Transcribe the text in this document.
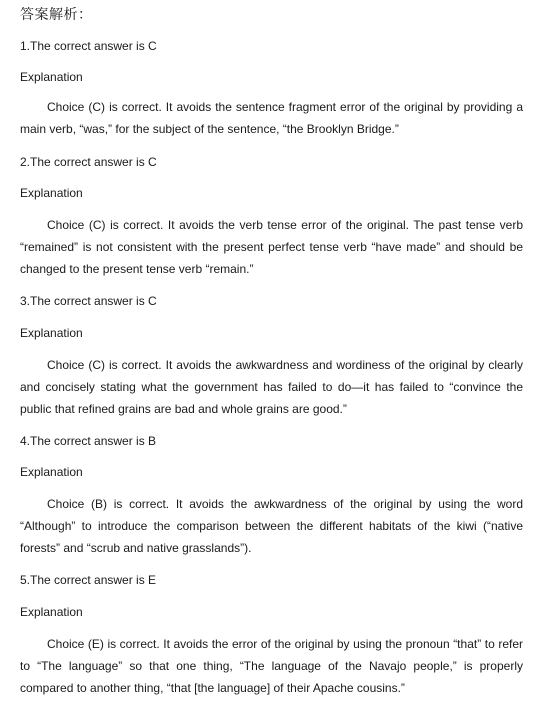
答案解析：
1.The correct answer is C
Explanation

Choice (C) is correct. It avoids the sentence fragment error of the original by providing a main verb, “was,” for the subject of the sentence, “the Brooklyn Bridge.”

2.The correct answer is C
Explanation

Choice (C) is correct. It avoids the verb tense error of the original. The past tense verb “remained” is not consistent with the present perfect tense verb “have made” and should be changed to the present tense verb “remain.”

3.The correct answer is C
Explanation

Choice (C) is correct. It avoids the awkwardness and wordiness of the original by clearly and concisely stating what the government has failed to do—it has failed to “convince the public that refined grains are bad and whole grains are good.”

4.The correct answer is B
Explanation

Choice (B) is correct. It avoids the awkwardness of the original by using the word “Although” to introduce the comparison between the different habitats of the kiwi (“native forests” and “scrub and native grasslands”).

5.The correct answer is E
Explanation

Choice (E) is correct. It avoids the error of the original by using the pronoun “that” to refer to “The language” so that one thing, “The language of the Navajo people,” is properly compared to another thing, “that [the language] of their Apache cousins.”
